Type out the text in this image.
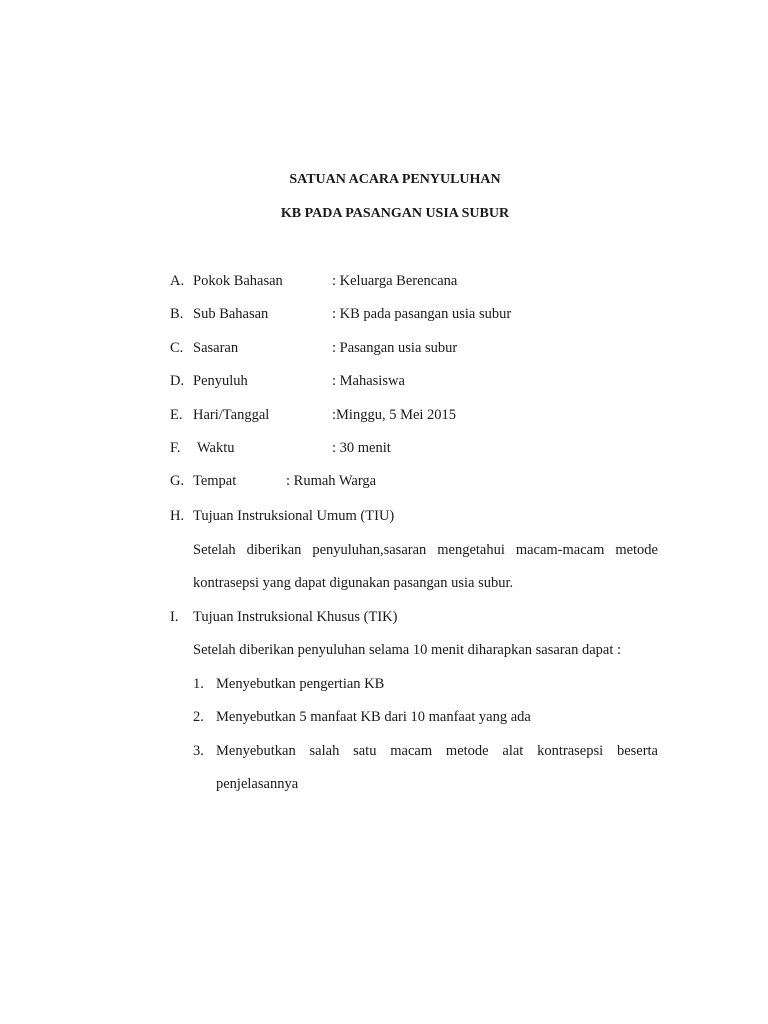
SATUAN ACARA PENYULUHAN
KB PADA PASANGAN USIA SUBUR
A. Pokok Bahasan	: Keluarga Berencana
B. Sub Bahasan	: KB pada pasangan usia subur
C. Sasaran	: Pasangan usia subur
D. Penyuluh	: Mahasiswa
E. Hari/Tanggal	:Minggu, 5 Mei 2015
F. Waktu	: 30 menit
G. Tempat	: Rumah Warga
H. Tujuan Instruksional Umum (TIU)
Setelah diberikan penyuluhan,sasaran mengetahui macam-macam metode
kontrasepsi yang dapat digunakan pasangan usia subur.
I. Tujuan Instruksional Khusus (TIK)
Setelah diberikan penyuluhan selama 10 menit diharapkan sasaran dapat :
1. Menyebutkan pengertian KB
2. Menyebutkan 5 manfaat KB dari 10 manfaat yang ada
3. Menyebutkan salah satu macam metode alat kontrasepsi beserta
penjelasannya
